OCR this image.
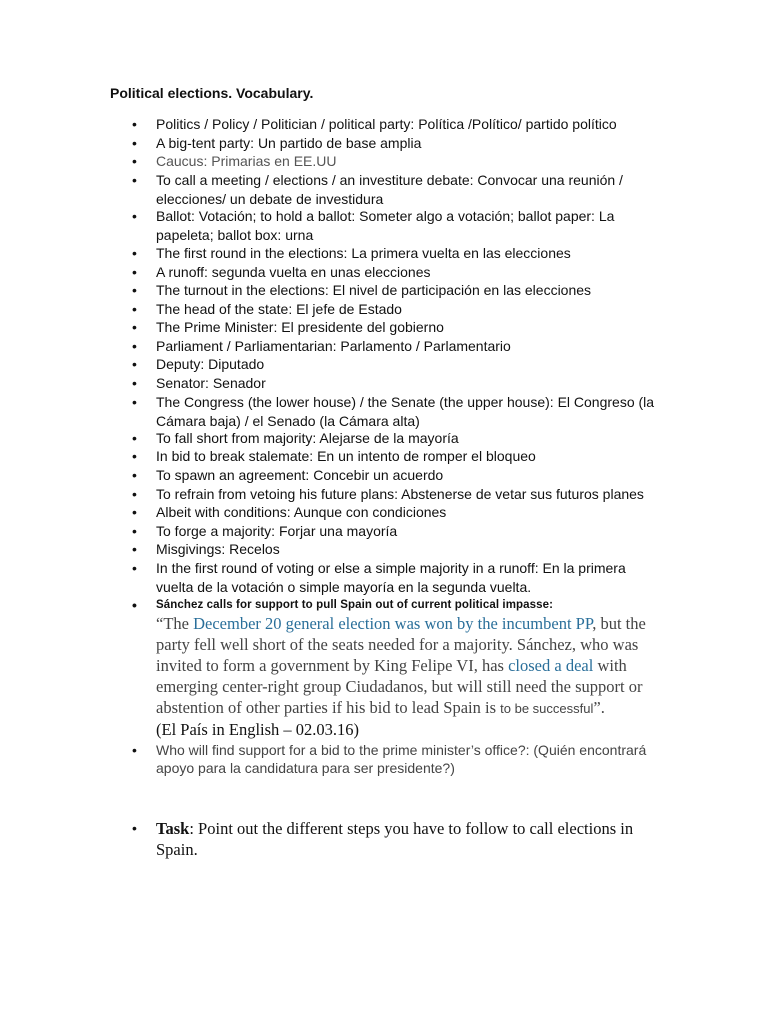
Political elections. Vocabulary.
•	Politics / Policy / Politician / political party: Política /Político/ partido político
•	A big-tent party: Un partido de base amplia
•	Caucus: Primarias en EE.UU
•	To call a meeting / elections / an investiture debate: Convocar una reunión / elecciones/ un debate de investidura
•	Ballot: Votación; to hold a ballot: Someter algo a votación; ballot paper: La papeleta; ballot box: urna
•	The first round in the elections: La primera vuelta en las elecciones
•	A runoff: segunda vuelta en unas elecciones
•	The turnout in the elections: El nivel de participación en las elecciones
•	The head of the state: El jefe de Estado
•	The Prime Minister: El presidente del gobierno
•	Parliament / Parliamentarian: Parlamento / Parlamentario
•	Deputy: Diputado
•	Senator: Senador
•	The Congress (the lower house) / the Senate (the upper house): El Congreso (la Cámara baja) / el Senado (la Cámara alta)
•	To fall short from majority: Alejarse de la mayoría
•	In bid to break stalemate: En un intento de romper el bloqueo
•	To spawn an agreement: Concebir un acuerdo
•	To refrain from vetoing his future plans: Abstenerse de vetar sus futuros planes
•	Albeit with conditions: Aunque con condiciones
•	To forge a majority: Forjar una mayoría
•	Misgivings: Recelos
•	In the first round of voting or else a simple majority in a runoff: En la primera vuelta de la votación o simple mayoría en la segunda vuelta.
•	Sánchez calls for support to pull Spain out of current political impasse:
“The December 20 general election was won by the incumbent PP, but the party fell well short of the seats needed for a majority. Sánchez, who was invited to form a government by King Felipe VI, has closed a deal with emerging center-right group Ciudadanos, but will still need the support or abstention of other parties if his bid to lead Spain is to be successful”.
(El País in English – 02.03.16)
•	Who will find support for a bid to the prime minister’s office?: (Quién encontrará apoyo para la candidatura para ser presidente?)
• Task: Point out the different steps you have to follow to call elections in Spain.
